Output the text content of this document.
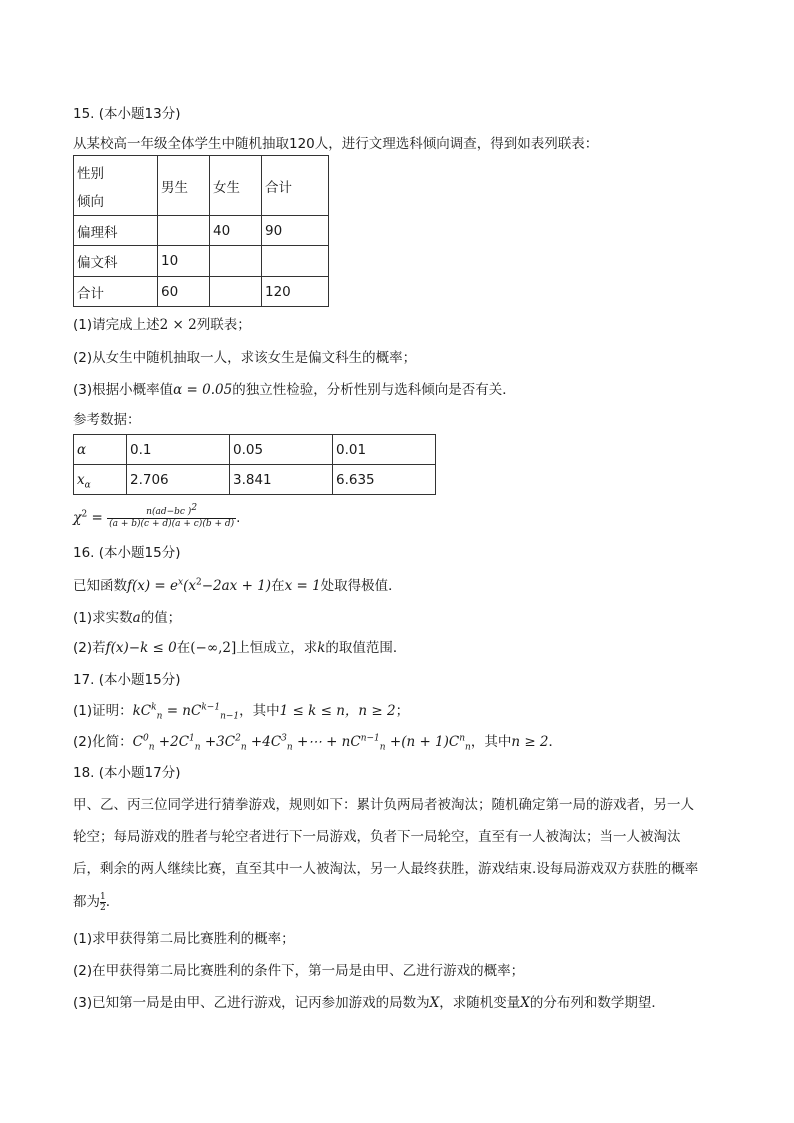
15. (本小题13分)
从某校高一年级全体学生中随机抽取120人，进行文理选科倾向调查，得到如表列联表：
性别
倾向	男生	女生	合计
偏理科		40	90
偏文科	10		
合计	60		120
(1)请完成上述2 × 2列联表；
(2)从女生中随机抽取一人，求该女生是偏文科生的概率；
(3)根据小概率值α = 0.05的独立性检验，分析性别与选科倾向是否有关．
参考数据：
α	0.1	0.05	0.01
$x_\alpha$	2.706	3.841	6.635
$\chi^2 = \frac{n(ad-bc )^2}{(a + b)(c + d)(a + c)(b + d)}$ .
16. (本小题15分)
已知函数$f(x) = e^x(x^2-2ax + 1)$在x = 1处取得极值．
(1)求实数a的值；
(2)若f(x)−k ≤ 0在(−∞,2]上恒成立，求k的取值范围．
17. (本小题15分)
(1)证明：$kC^k_n = nC^{k-1}_{n-1}$，其中1 ≤ k ≤ n，n ≥ 2；
(2)化简：$C^0_n +2C^1_n +3C^2_n +4C^3_n$ +⋯ + $nC^{n-1}_n +(n + 1)C^n_n$，其中n ≥ 2．
18. (本小题17分)
甲、乙、丙三位同学进行猜拳游戏，规则如下：累计负两局者被淘汰；随机确定第一局的游戏者，另一人
轮空；每局游戏的胜者与轮空者进行下一局游戏，负者下一局轮空，直至有一人被淘汰；当一人被淘汰
后，剩余的两人继续比赛，直至其中一人被淘汰，另一人最终获胜，游戏结束.设每局游戏双方获胜的概率
都为 $\frac{1}{2}$.
(1)求甲获得第二局比赛胜利的概率；
(2)在甲获得第二局比赛胜利的条件下，第一局是由甲、乙进行游戏的概率；
(3)已知第一局是由甲、乙进行游戏，记丙参加游戏的局数为X，求随机变量X的分布列和数学期望．
